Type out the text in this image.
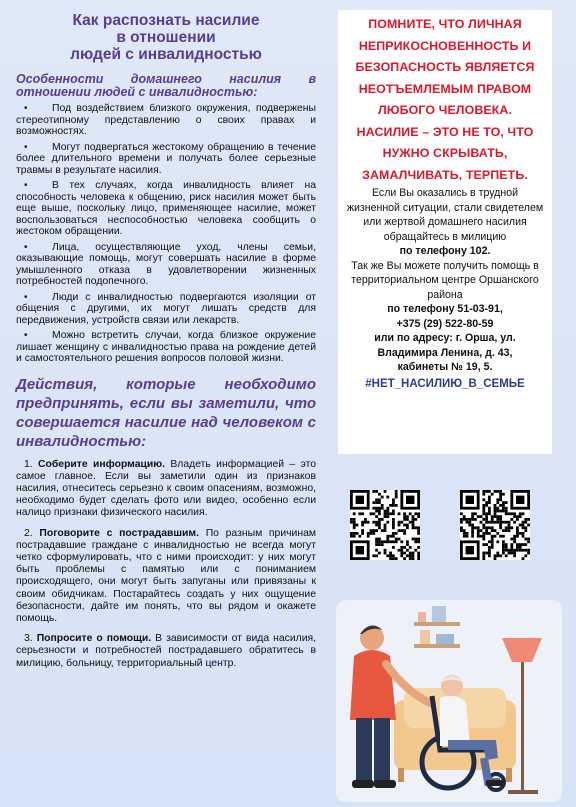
Как распознать насилие
в отношении
людей с инвалидностью
Особенности домашнего насилия в отношении людей с инвалидностью:
• Под воздействием близкого окружения, подвержены стереотипному представлению о своих правах и возможностях.
• Могут подвергаться жестокому обращению в течение более длительного времени и получать более серьезные травмы в результате насилия.
• В тех случаях, когда инвалидность влияет на способность человека к общению, риск насилия может быть еще выше, поскольку лицо, применяющее насилие, может воспользоваться неспособностью человека сообщить о жестоком обращении.
• Лица, осуществляющие уход, члены семьи, оказывающие помощь, могут совершать насилие в форме умышленного отказа в удовлетворении жизненных потребностей подопечного.
• Люди с инвалидностью подвергаются изоляции от общения с другими, их могут лишать средств для передвижения, устройств связи или лекарств.
• Можно встретить случаи, когда близкое окружение лишает женщину с инвалидностью права на рождение детей и самостоятельного решения вопросов половой жизни.
Действия, которые необходимо предпринять, если вы заметили, что совершается насилие над человеком с инвалидностью:
1. Соберите информацию. Владеть информацией – это самое главное. Если вы заметили один из признаков насилия, отнеситесь серьезно к своим опасениям, возможно, необходимо будет сделать фото или видео, особенно если налицо признаки физического насилия.
2. Поговорите с пострадавшим. По разным причинам пострадавшие граждане с инвалидностью не всегда могут четко сформулировать, что с ними происходит: у них могут быть проблемы с памятью или с пониманием происходящего, они могут быть запуганы или привязаны к своим обидчикам. Постарайтесь создать у них ощущение безопасности, дайте им понять, что вы рядом и окажете помощь.
3. Попросите о помощи. В зависимости от вида насилия, серьезности и потребностей пострадавшего обратитесь в милицию, больницу, территориальный центр.
ПОМНИТЕ, ЧТО ЛИЧНАЯ
НЕПРИКОСНОВЕННОСТЬ И
БЕЗОПАСНОСТЬ ЯВЛЯЕТСЯ
НЕОТЪЕМЛЕМЫМ ПРАВОМ
ЛЮБОГО ЧЕЛОВЕКА.
НАСИЛИЕ – ЭТО НЕ ТО, ЧТО
НУЖНО СКРЫВАТЬ,
ЗАМАЛЧИВАТЬ, ТЕРПЕТЬ.
Если Вы оказались в трудной жизненной ситуации, стали свидетелем или жертвой домашнего насилия обращайтесь в милицию
по телефону 102.
Так же Вы можете получить помощь в территориальном центре Оршанского района
по телефону 51-03-91,
+375 (29) 522-80-59
или по адресу: г. Орша, ул.
Владимира Ленина, д. 43,
кабинеты № 19, 5.
#НЕТ_НАСИЛИЮ_В_СЕМЬЕ
